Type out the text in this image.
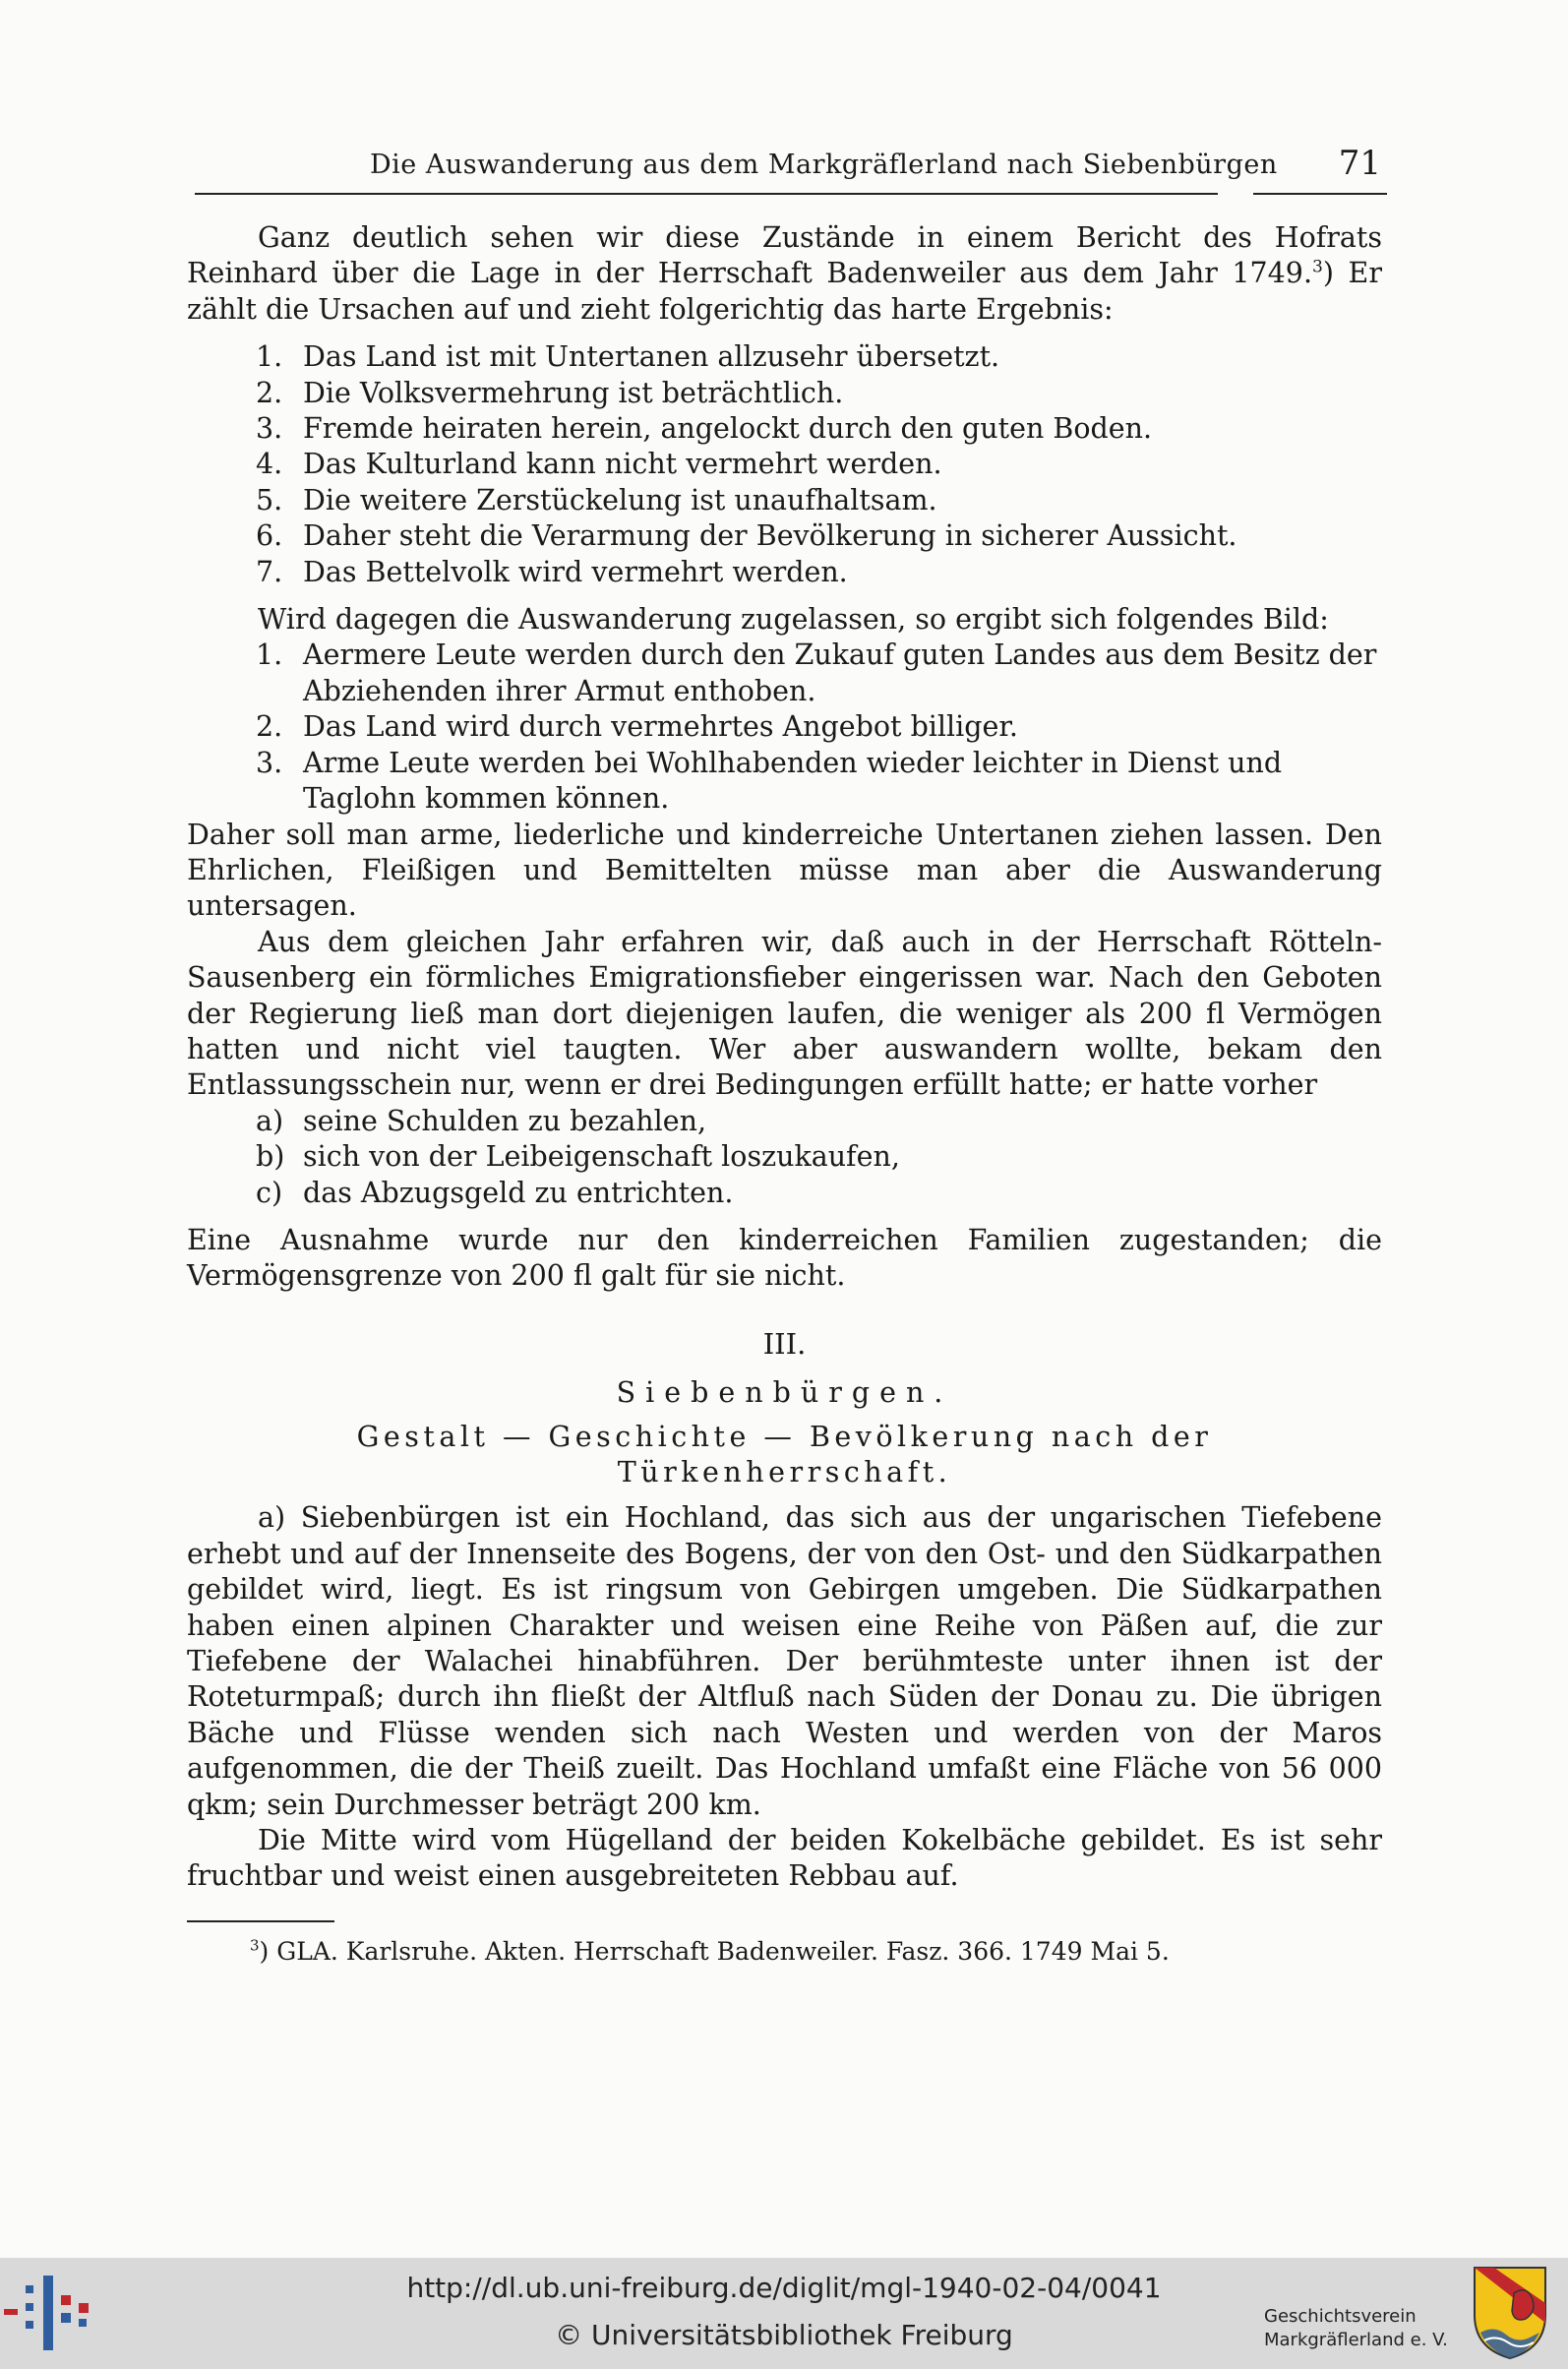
Die Auswanderung aus dem Markgräflerland nach Siebenbürgen 71

Ganz deutlich sehen wir diese Zustände in einem Bericht des Hofrats Reinhard über die Lage in der Herrschaft Badenweiler aus dem Jahr 1749.$^3$) Er zählt die Ursachen auf und zieht folgerichtig das harte Ergebnis:

1. Das Land ist mit Untertanen allzusehr übersetzt.
2. Die Volksvermehrung ist beträchtlich.
3. Fremde heiraten herein, angelockt durch den guten Boden.
4. Das Kulturland kann nicht vermehrt werden.
5. Die weitere Zerstückelung ist unaufhaltsam.
6. Daher steht die Verarmung der Bevölkerung in sicherer Aussicht.
7. Das Bettelvolk wird vermehrt werden.

Wird dagegen die Auswanderung zugelassen, so ergibt sich folgendes Bild:

1. Aermere Leute werden durch den Zukauf guten Landes aus dem Besitz der Abziehenden ihrer Armut enthoben.
2. Das Land wird durch vermehrtes Angebot billiger.
3. Arme Leute werden bei Wohlhabenden wieder leichter in Dienst und Taglohn kommen können.

Daher soll man arme, liederliche und kinderreiche Untertanen ziehen lassen. Den Ehrlichen, Fleißigen und Bemittelten müsse man aber die Auswanderung untersagen.

Aus dem gleichen Jahr erfahren wir, daß auch in der Herrschaft Rötteln-Sausenberg ein förmliches Emigrationsfieber eingerissen war. Nach den Geboten der Regierung ließ man dort diejenigen laufen, die weniger als 200 fl Vermögen hatten und nicht viel taugten. Wer aber auswandern wollte, bekam den Entlassungsschein nur, wenn er drei Bedingungen erfüllt hatte; er hatte vorher

a) seine Schulden zu bezahlen,
b) sich von der Leibeigenschaft loszukaufen,
c) das Abzugsgeld zu entrichten.

Eine Ausnahme wurde nur den kinderreichen Familien zugestanden; die Vermögensgrenze von 200 fl galt für sie nicht.

III.

Siebenbürgen.

Gestalt — Geschichte — Bevölkerung nach der Türkenherrschaft.

a) Siebenbürgen ist ein Hochland, das sich aus der ungarischen Tiefebene erhebt und auf der Innenseite des Bogens, der von den Ost- und den Südkarpathen gebildet wird, liegt. Es ist ringsum von Gebirgen umgeben. Die Südkarpathen haben einen alpinen Charakter und weisen eine Reihe von Päßen auf, die zur Tiefebene der Walachei hinabführen. Der berühmteste unter ihnen ist der Roteturmpaß; durch ihn fließt der Altfluß nach Süden der Donau zu. Die übrigen Bäche und Flüsse wenden sich nach Westen und werden von der Maros aufgenommen, die der Theiß zueilt. Das Hochland umfaßt eine Fläche von 56 000 qkm; sein Durchmesser beträgt 200 km.

Die Mitte wird vom Hügelland der beiden Kokelbäche gebildet. Es ist sehr fruchtbar und weist einen ausgebreiteten Rebbau auf.

$^3$) GLA. Karlsruhe. Akten. Herrschaft Badenweiler. Fasz. 366. 1749 Mai 5.

http://dl.ub.uni-freiburg.de/diglit/mgl-1940-02-04/0041
© Universitätsbibliothek Freiburg
Geschichtsverein
Markgräflerland e. V.
